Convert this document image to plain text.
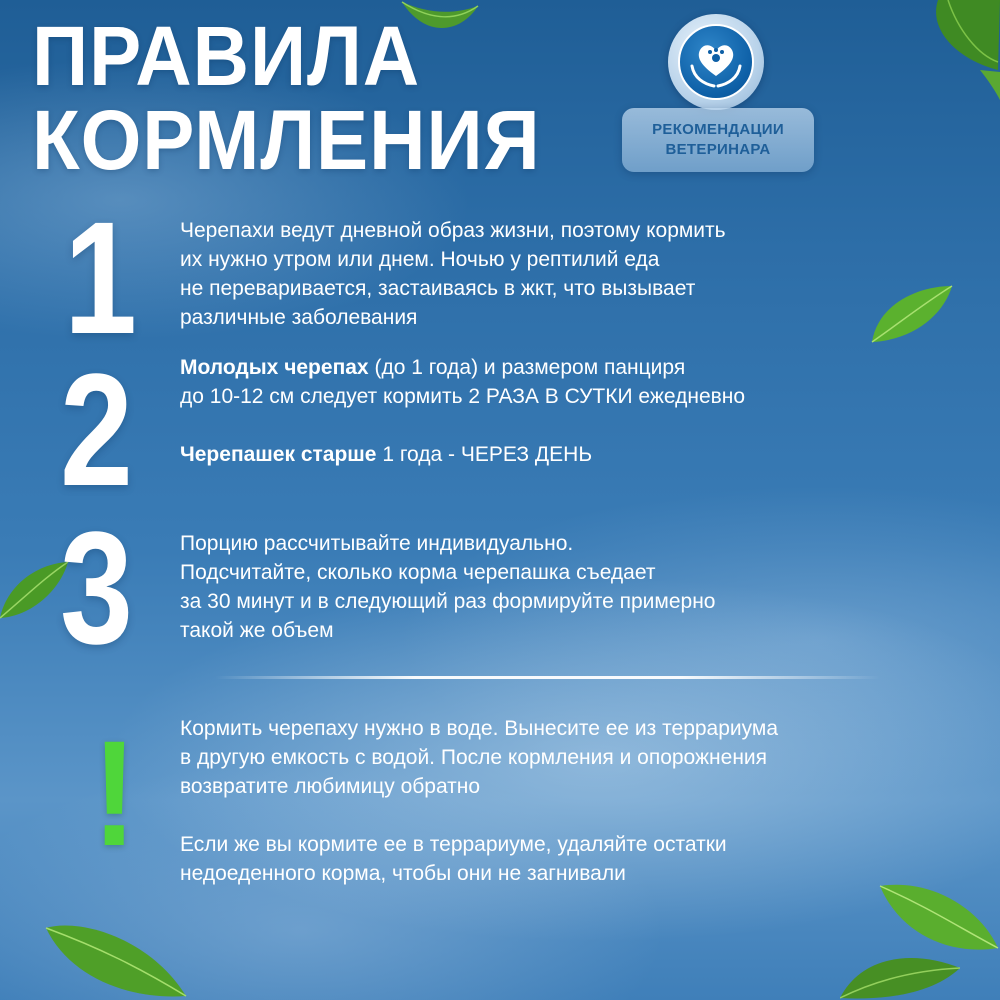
ПРАВИЛА
КОРМЛЕНИЯ	РЕКОМЕНДАЦИИ
ВЕТЕРИНАРА
1 Черепахи ведут дневной образ жизни, поэтому кормить

их нужно утром или днем. Ночью у рептилий еда

не переваривается, застаиваясь в жкт, что вызывает

различные заболевания

2 Молодых черепах (до 1 года) и размером панциря

до 10-12 см следует кормить 2 РАЗА В СУТКИ ежедневно

Черепашек старше 1 года - ЧЕРЕЗ ДЕНЬ

3 Порцию рассчитывайте индивидуально.

Подсчитайте, сколько корма черепашка съедает

за 30 минут и в следующий раз формируйте примерно

такой же объем

! Кормить черепаху нужно в воде. Вынесите ее из террариума

в другую емкость с водой. После кормления и опорожнения

возвратите любимицу обратно

Если же вы кормите ее в террариуме, удаляйте остатки

недоеденного корма, чтобы они не загнивали
